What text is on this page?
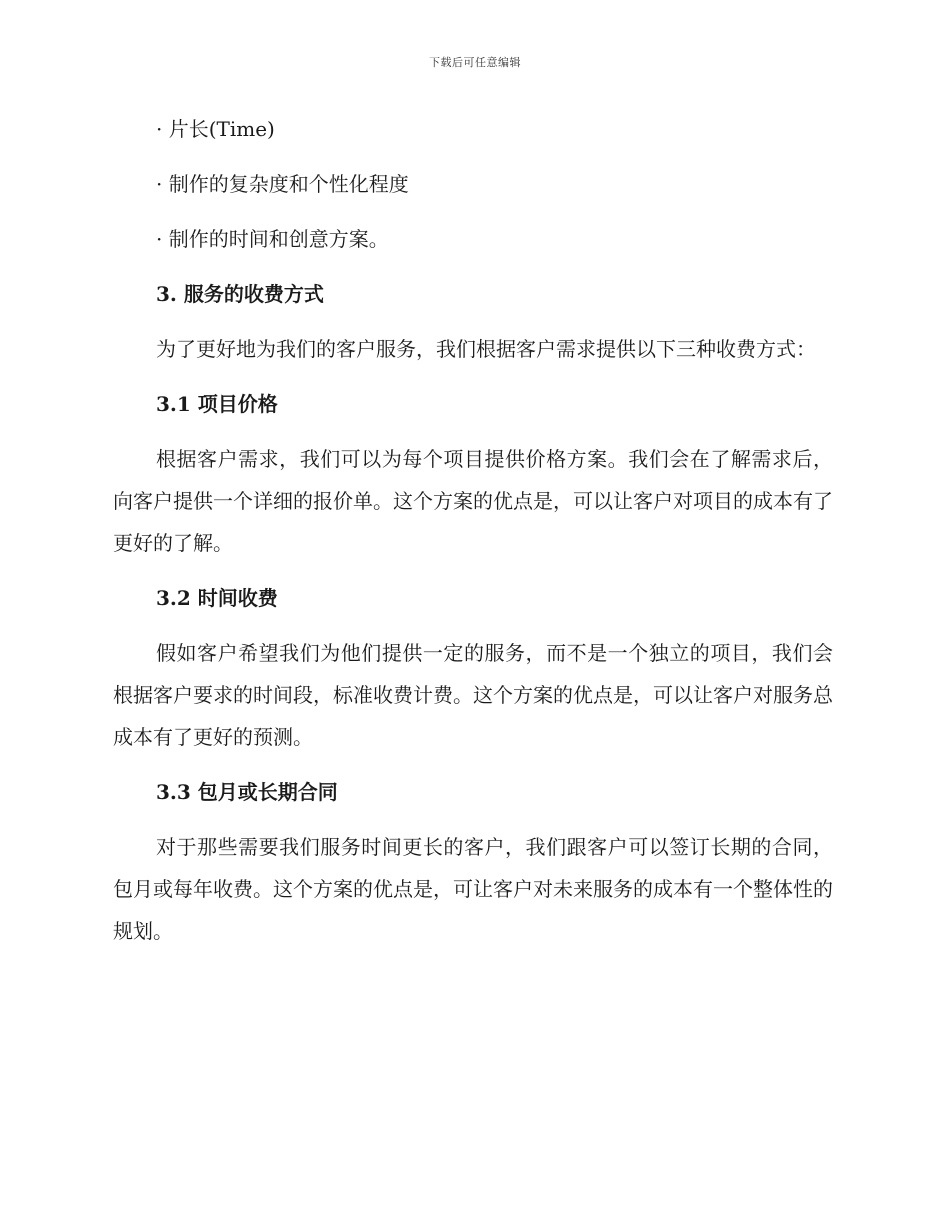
下载后可任意编辑
· 片长(Time)
· 制作的复杂度和个性化程度
· 制作的时间和创意方案。
3. 服务的收费方式
为了更好地为我们的客户服务，我们根据客户需求提供以下三种收费方式：
3.1 项目价格
根据客户需求，我们可以为每个项目提供价格方案。我们会在了解需求后，向客户提供一个详细的报价单。这个方案的优点是，可以让客户对项目的成本有了更好的了解。
3.2 时间收费
假如客户希望我们为他们提供一定的服务，而不是一个独立的项目，我们会根据客户要求的时间段，标准收费计费。这个方案的优点是，可以让客户对服务总成本有了更好的预测。
3.3 包月或长期合同
对于那些需要我们服务时间更长的客户，我们跟客户可以签订长期的合同，包月或每年收费。这个方案的优点是，可让客户对未来服务的成本有一个整体性的规划。
